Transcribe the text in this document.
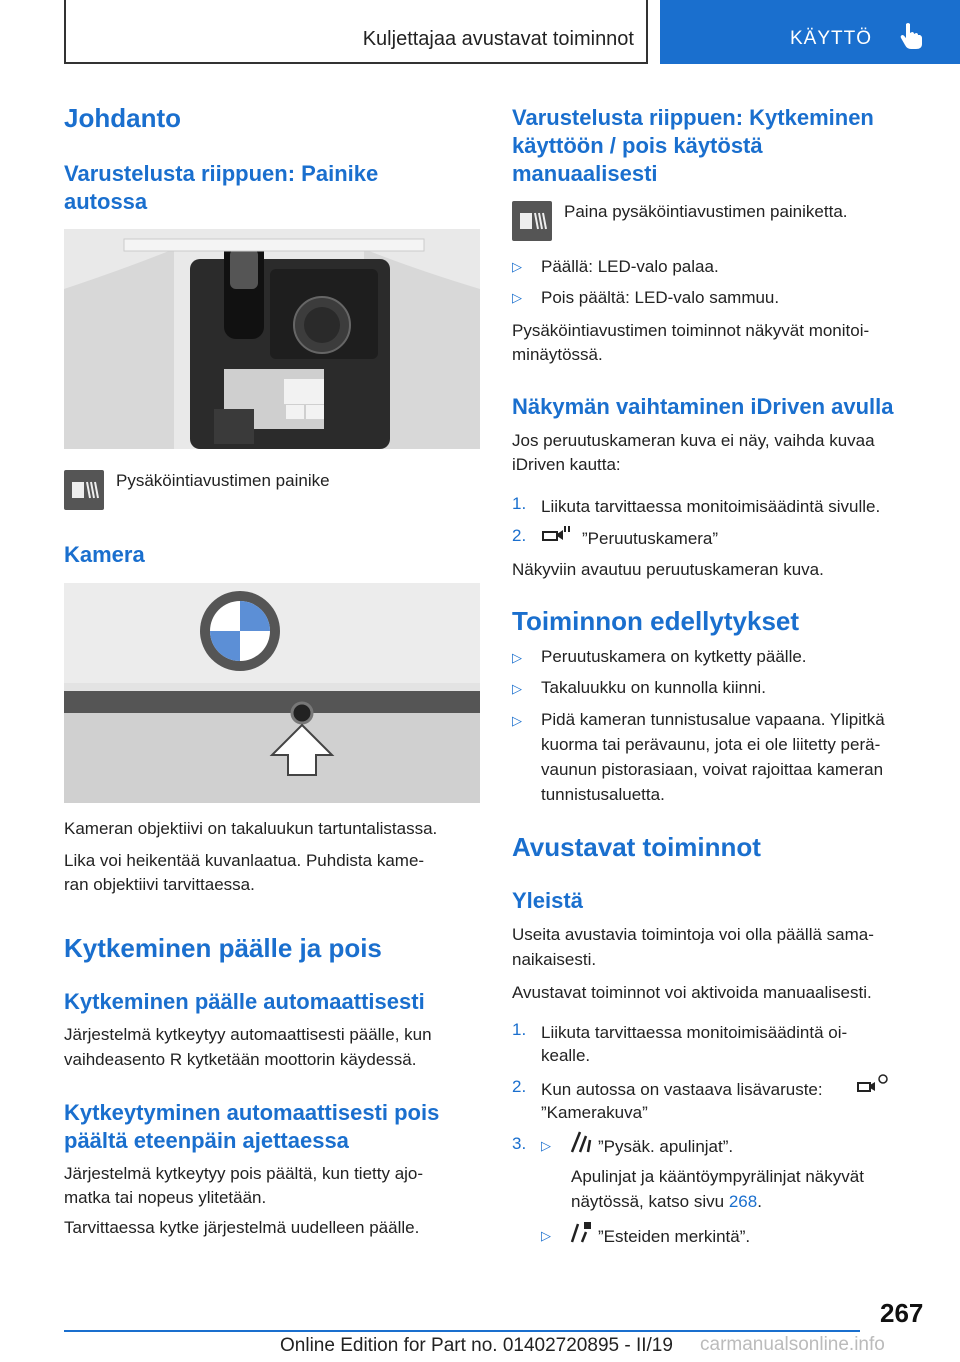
Kuljettajaa avustavat toiminnot	KÄYTTÖ
Johdanto
Varustelusta riippuen: Painike
autossa
Pysäköintiavustimen painike
Kamera
Kameran objektiivi on takaluukun tartuntalistassa.
Lika voi heikentää kuvanlaatua. Puhdista kame‐
ran objektiivi tarvittaessa.
Kytkeminen päälle ja pois
Kytkeminen päälle automaattisesti
Järjestelmä kytkeytyy automaattisesti päälle, kun
vaihdeasento R kytketään moottorin käydessä.
Kytkeytyminen automaattisesti pois
päältä eteenpäin ajettaessa
Järjestelmä kytkeytyy pois päältä, kun tietty ajo‐
matka tai nopeus ylitetään.
Tarvittaessa kytke järjestelmä uudelleen päälle.
Varustelusta riippuen: Kytkeminen
käyttöön / pois käytöstä
manuaalisesti
Paina pysäköintiavustimen painiketta.
▷ Päällä: LED-valo palaa.
▷ Pois päältä: LED-valo sammuu.
Pysäköintiavustimen toiminnot näkyvät monitoi‐
minäytössä.
Näkymän vaihtaminen iDriven avulla
Jos peruutuskameran kuva ei näy, vaihda kuvaa
iDriven kautta:
1. Liikuta tarvittaessa monitoimisäädintä sivulle.
2.	”Peruutuskamera”
Näkyviin avautuu peruutuskameran kuva.
Toiminnon edellytykset
▷ Peruutuskamera on kytketty päälle.
▷ Takaluukku on kunnolla kiinni.
▷ Pidä kameran tunnistusalue vapaana. Ylipitkä
kuorma tai perävaunu, jota ei ole liitetty perä‐
vaunun pistorasiaan, voivat rajoittaa kameran
tunnistusaluetta.
Avustavat toiminnot
Yleistä
Useita avustavia toimintoja voi olla päällä sama‐
naikaisesti.
Avustavat toiminnot voi aktivoida manuaalisesti.
1. Liikuta tarvittaessa monitoimisäädintä oi‐
kealle.
2. Kun autossa on vastaava lisävaruste:
”Kamerakuva”
3. ▷	”Pysäk. apulinjat”.
Apulinjat ja kääntöympyrälinjat näkyvät
näytössä, katso sivu 268.
▷	”Esteiden merkintä”.
267
Online Edition for Part no. 01402720895 - II/19 carmanualsonline.info
